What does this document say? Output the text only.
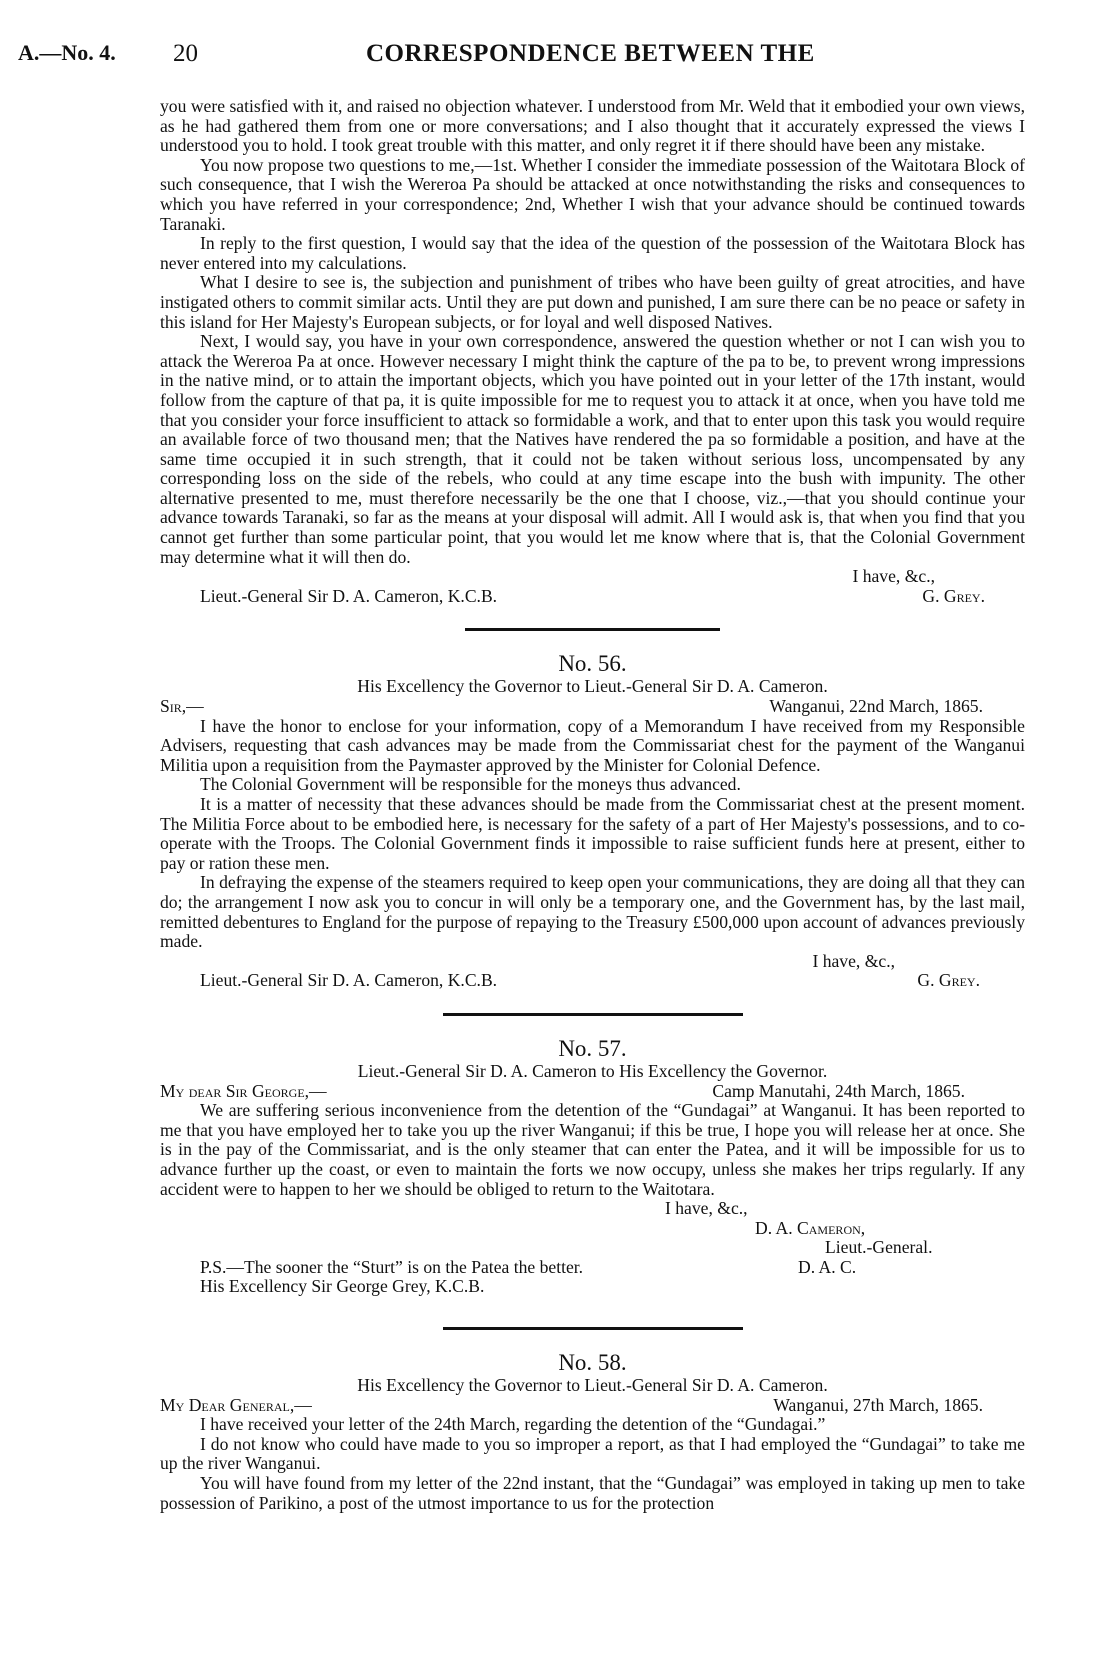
A.—No. 4. 20	CORRESPONDENCE BETWEEN THE

you were satisfied with it, and raised no objection whatever. I understood from Mr. Weld that it embodied your own views, as he had gathered them from one or more conversations; and I also thought that it accurately expressed the views I understood you to hold. I took great trouble with this matter, and only regret it if there should have been any mistake.

You now propose two questions to me,—1st. Whether I consider the immediate possession of the Waitotara Block of such consequence, that I wish the Wereroa Pa should be attacked at once notwithstanding the risks and consequences to which you have referred in your correspondence; 2nd, Whether I wish that your advance should be continued towards Taranaki.

In reply to the first question, I would say that the idea of the question of the possession of the Waitotara Block has never entered into my calculations.

What I desire to see is, the subjection and punishment of tribes who have been guilty of great atrocities, and have instigated others to commit similar acts. Until they are put down and punished, I am sure there can be no peace or safety in this island for Her Majesty's European subjects, or for loyal and well disposed Natives.

Next, I would say, you have in your own correspondence, answered the question whether or not I can wish you to attack the Wereroa Pa at once. However necessary I might think the capture of the pa to be, to prevent wrong impressions in the native mind, or to attain the important objects, which you have pointed out in your letter of the 17th instant, would follow from the capture of that pa, it is quite impossible for me to request you to attack it at once, when you have told me that you consider your force insufficient to attack so formidable a work, and that to enter upon this task you would require an available force of two thousand men; that the Natives have rendered the pa so formidable a position, and have at the same time occupied it in such strength, that it could not be taken without serious loss, uncompensated by any corresponding loss on the side of the rebels, who could at any time escape into the bush with impunity. The other alternative presented to me, must therefore necessarily be the one that I choose, viz.,—that you should continue your advance towards Taranaki, so far as the means at your disposal will admit. All I would ask is, that when you find that you cannot get further than some particular point, that you would let me know where that is, that the Colonial Government may determine what it will then do.

I have, &c.,
Lieut.-General Sir D. A. Cameron, K.C.B.	G. Grey.
No. 56.
His Excellency the Governor to Lieut.-General Sir D. A. Cameron.
Sir,—	Wanganui, 22nd March, 1865.

I have the honor to enclose for your information, copy of a Memorandum I have received from my Responsible Advisers, requesting that cash advances may be made from the Commissariat chest for the payment of the Wanganui Militia upon a requisition from the Paymaster approved by the Minister for Colonial Defence.

The Colonial Government will be responsible for the moneys thus advanced.

It is a matter of necessity that these advances should be made from the Commissariat chest at the present moment. The Militia Force about to be embodied here, is necessary for the safety of a part of Her Majesty's possessions, and to co-operate with the Troops. The Colonial Government finds it impossible to raise sufficient funds here at present, either to pay or ration these men.

In defraying the expense of the steamers required to keep open your communications, they are doing all that they can do; the arrangement I now ask you to concur in will only be a temporary one, and the Government has, by the last mail, remitted debentures to England for the purpose of repaying to the Treasury £500,000 upon account of advances previously made.

I have, &c.,
Lieut.-General Sir D. A. Cameron, K.C.B.	G. Grey.
No. 57.
Lieut.-General Sir D. A. Cameron to His Excellency the Governor.
My dear Sir George,—	Camp Manutahi, 24th March, 1865.

We are suffering serious inconvenience from the detention of the “Gundagai” at Wanganui. It has been reported to me that you have employed her to take you up the river Wanganui; if this be true, I hope you will release her at once. She is in the pay of the Commissariat, and is the only steamer that can enter the Patea, and it will be impossible for us to advance further up the coast, or even to maintain the forts we now occupy, unless she makes her trips regularly. If any accident were to happen to her we should be obliged to return to the Waitotara.

I have, &c.,
D. A. Cameron,
Lieut.-General.
P.S.—The sooner the “Sturt” is on the Patea the better.	D. A. C.
His Excellency Sir George Grey, K.C.B.
No. 58.
His Excellency the Governor to Lieut.-General Sir D. A. Cameron.
My Dear General,—	Wanganui, 27th March, 1865.

I have received your letter of the 24th March, regarding the detention of the “Gundagai.”

I do not know who could have made to you so improper a report, as that I had employed the “Gundagai” to take me up the river Wanganui.

You will have found from my letter of the 22nd instant, that the “Gundagai” was employed in taking up men to take possession of Parikino, a post of the utmost importance to us for the protection
